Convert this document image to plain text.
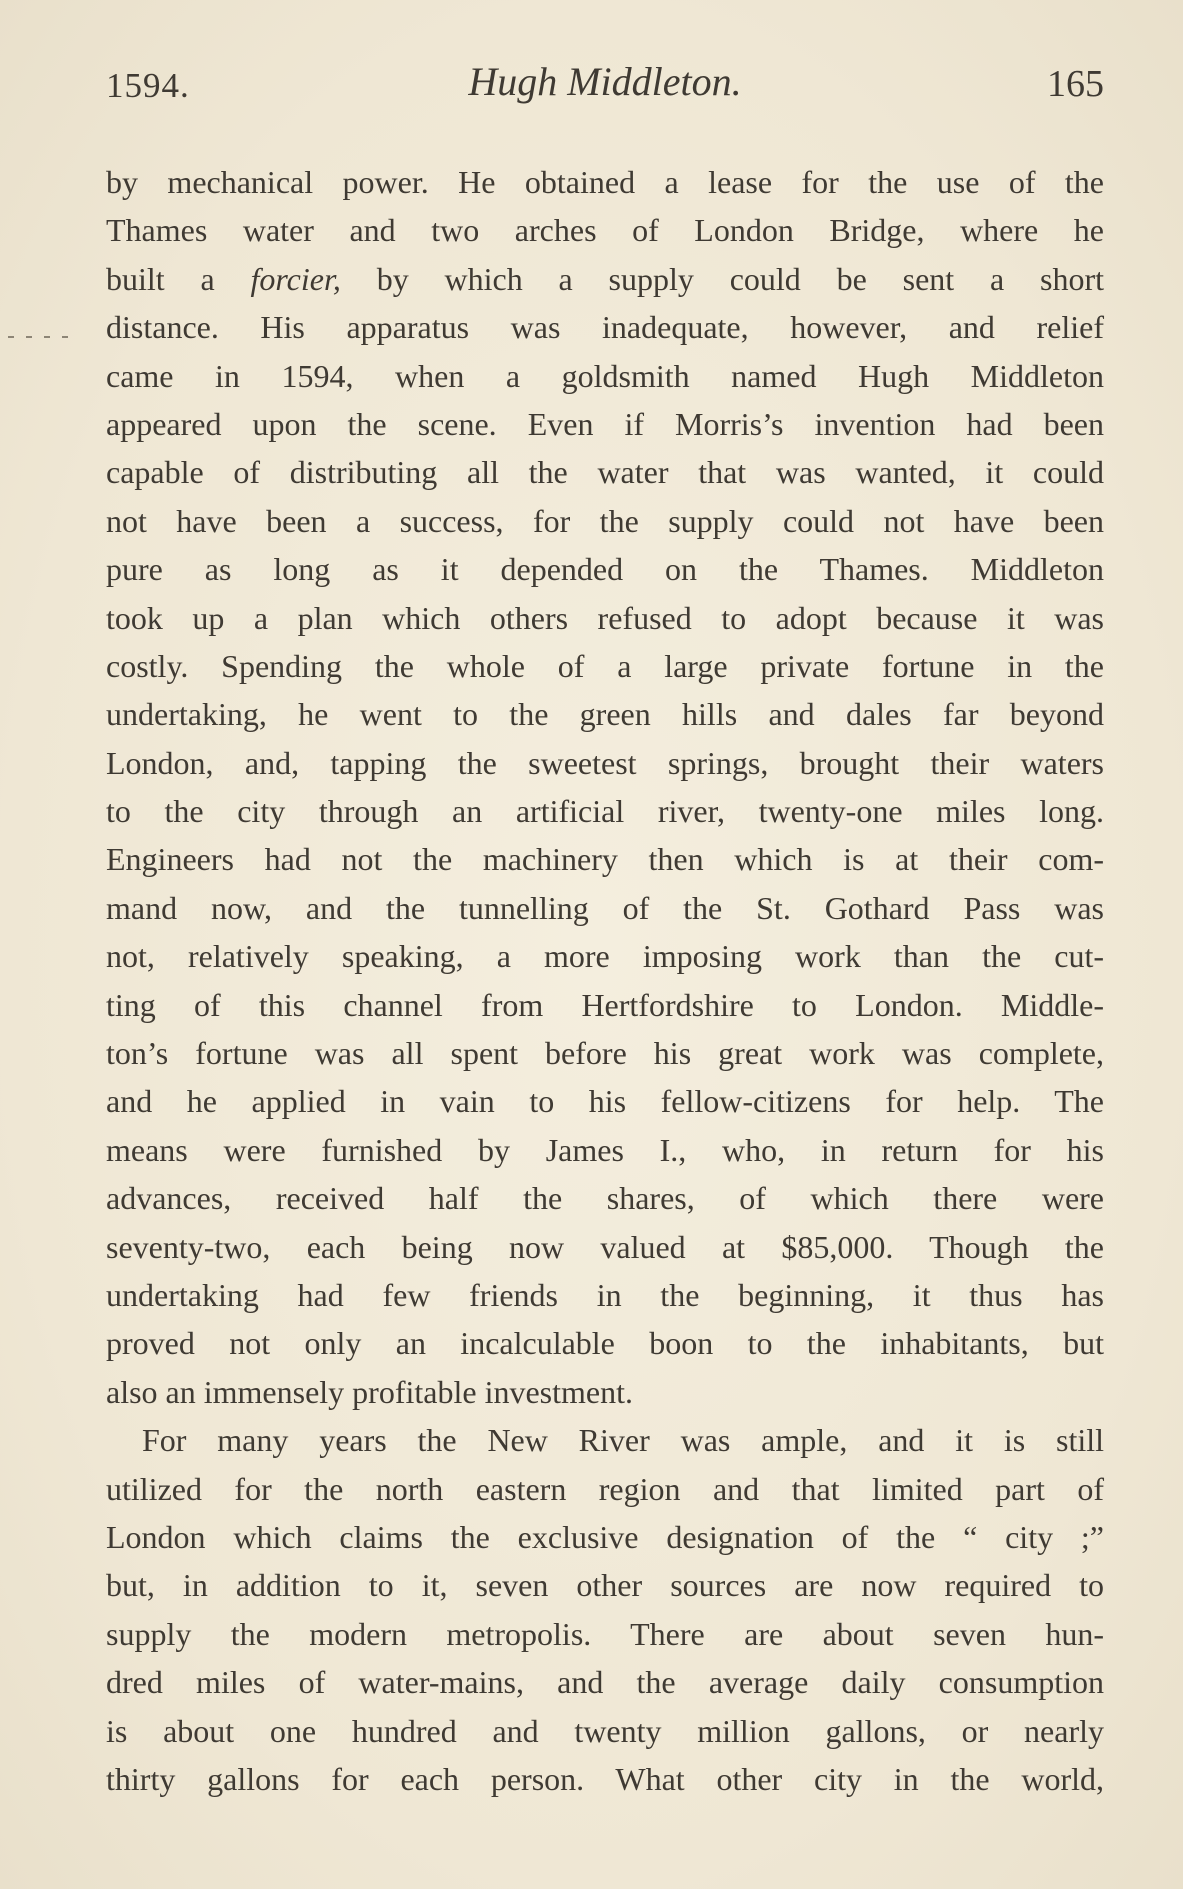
1594.	Hugh Middleton.	165
by mechanical power. He obtained a lease for the use of the
Thames water and two arches of London Bridge, where he
built a forcier, by which a supply could be sent a short
distance. His apparatus was inadequate, however, and relief
came in 1594, when a goldsmith named Hugh Middleton
appeared upon the scene. Even if Morris’s invention had been
capable of distributing all the water that was wanted, it could
not have been a success, for the supply could not have been
pure as long as it depended on the Thames. Middleton
took up a plan which others refused to adopt because it was
costly. Spending the whole of a large private fortune in the
undertaking, he went to the green hills and dales far beyond
London, and, tapping the sweetest springs, brought their waters
to the city through an artificial river, twenty-one miles long.
Engineers had not the machinery then which is at their com-
mand now, and the tunnelling of the St. Gothard Pass was
not, relatively speaking, a more imposing work than the cut-
ting of this channel from Hertfordshire to London. Middle-
ton’s fortune was all spent before his great work was complete,
and he applied in vain to his fellow-citizens for help. The
means were furnished by James I., who, in return for his
advances, received half the shares, of which there were
seventy-two, each being now valued at $85,000. Though the
undertaking had few friends in the beginning, it thus has
proved not only an incalculable boon to the inhabitants, but
also an immensely profitable investment.
For many years the New River was ample, and it is still
utilized for the north eastern region and that limited part of
London which claims the exclusive designation of the “ city ;”
but, in addition to it, seven other sources are now required to
supply the modern metropolis. There are about seven hun-
dred miles of water-mains, and the average daily consumption
is about one hundred and twenty million gallons, or nearly
thirty gallons for each person. What other city in the world,
